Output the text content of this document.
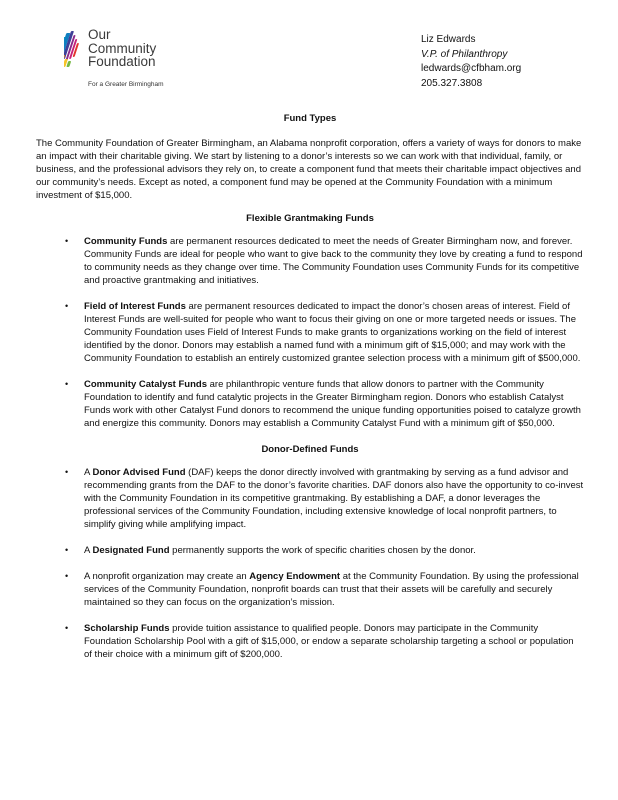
Our
Community
Foundation
For a Greater Birmingham
Liz Edwards
V.P. of Philanthropy
ledwards@cfbham.org
205.327.3808
Fund Types

The Community Foundation of Greater Birmingham, an Alabama nonprofit corporation, offers a variety of ways for donors to make an impact with their charitable giving. We start by listening to a donor’s interests so we can work with that individual, family, or business, and the professional advisors they rely on, to create a component fund that meets their charitable impact objectives and our community’s needs. Except as noted, a component fund may be opened at the Community Foundation with a minimum investment of $15,000.

Flexible Grantmaking Funds
• Community Funds are permanent resources dedicated to meet the needs of Greater Birmingham now, and forever. Community Funds are ideal for people who want to give back to the community they love by creating a fund to respond to community needs as they change over time. The Community Foundation uses Community Funds for its competitive and proactive grantmaking and initiatives.
• Field of Interest Funds are permanent resources dedicated to impact the donor’s chosen areas of interest. Field of Interest Funds are well-suited for people who want to focus their giving on one or more targeted needs or issues. The Community Foundation uses Field of Interest Funds to make grants to organizations working on the field of interest identified by the donor. Donors may establish a named fund with a minimum gift of $15,000; and may work with the Community Foundation to establish an entirely customized grantee selection process with a minimum gift of $500,000.
• Community Catalyst Funds are philanthropic venture funds that allow donors to partner with the Community Foundation to identify and fund catalytic projects in the Greater Birmingham region. Donors who establish Catalyst Funds work with other Catalyst Fund donors to recommend the unique funding opportunities poised to catalyze growth and energize this community. Donors may establish a Community Catalyst Fund with a minimum gift of $50,000.
Donor-Defined Funds
• A Donor Advised Fund (DAF) keeps the donor directly involved with grantmaking by serving as a fund advisor and recommending grants from the DAF to the donor’s favorite charities. DAF donors also have the opportunity to co-invest with the Community Foundation in its competitive grantmaking. By establishing a DAF, a donor leverages the professional services of the Community Foundation, including extensive knowledge of local nonprofit partners, to simplify giving while amplifying impact.
• A Designated Fund permanently supports the work of specific charities chosen by the donor.
• A nonprofit organization may create an Agency Endowment at the Community Foundation. By using the professional services of the Community Foundation, nonprofit boards can trust that their assets will be carefully and securely maintained so they can focus on the organization’s mission.
• Scholarship Funds provide tuition assistance to qualified people. Donors may participate in the Community Foundation Scholarship Pool with a gift of $15,000, or endow a separate scholarship targeting a school or population of their choice with a minimum gift of $200,000.
